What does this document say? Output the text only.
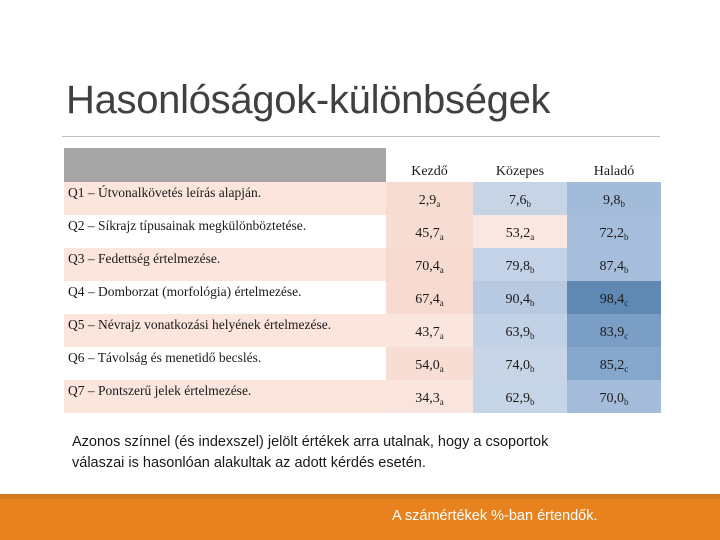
Hasonlóságok-különbségek
	Kezdő	Közepes	Haladó
Q1 – Útvonalkövetés leírás alapján.	$2,9_a$	$7,6_b$	$9,8_b$
Q2 – Síkrajz típusainak megkülönböztetése.	$45,7_a$	$53,2_a$	$72,2_b$
Q3 – Fedettség értelmezése.	$70,4_a$	$79,8_b$	$87,4_b$
Q4 – Domborzat (morfológia) értelmezése.	$67,4_a$	$90,4_b$	$98,4_c$
Q5 – Névrajz vonatkozási helyének értelmezése.	$43,7_a$	$63,9_b$	$83,9_c$
Q6 – Távolság és menetidő becslés.	$54,0_a$	$74,0_b$	$85,2_c$
Q7 – Pontszerű jelek értelmezése.	$34,3_a$	$62,9_b$	$70,0_b$
Azonos színnel (és indexszel) jelölt értékek arra utalnak, hogy a csoportok
válaszai is hasonlóan alakultak az adott kérdés esetén.
A számértékek %-ban értendők.
